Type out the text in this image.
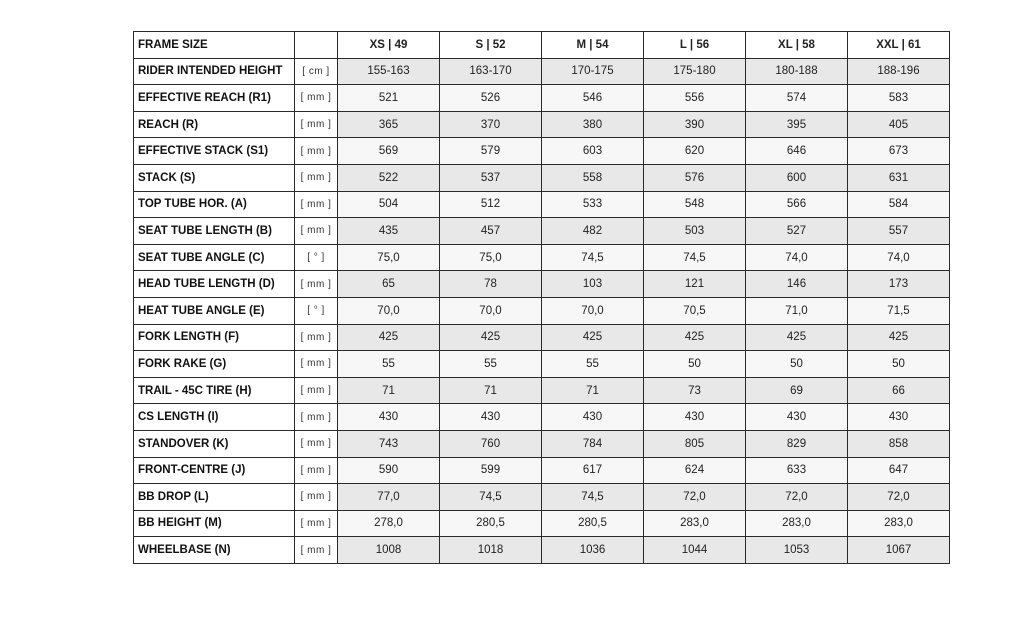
FRAME SIZE		XS | 49	S | 52	M | 54	L | 56	XL | 58	XXL | 61
RIDER INTENDED HEIGHT	[ cm ]	155-163	163-170	170-175	175-180	180-188	188-196
EFFECTIVE REACH (R1)	[ mm ]	521	526	546	556	574	583
REACH (R)	[ mm ]	365	370	380	390	395	405
EFFECTIVE STACK (S1)	[ mm ]	569	579	603	620	646	673
STACK (S)	[ mm ]	522	537	558	576	600	631
TOP TUBE HOR. (A)	[ mm ]	504	512	533	548	566	584
SEAT TUBE LENGTH (B)	[ mm ]	435	457	482	503	527	557
SEAT TUBE ANGLE (C)	[ ° ]	75,0	75,0	74,5	74,5	74,0	74,0
HEAD TUBE LENGTH (D)	[ mm ]	65	78	103	121	146	173
HEAT TUBE ANGLE (E)	[ ° ]	70,0	70,0	70,0	70,5	71,0	71,5
FORK LENGTH (F)	[ mm ]	425	425	425	425	425	425
FORK RAKE (G)	[ mm ]	55	55	55	50	50	50
TRAIL - 45C TIRE (H)	[ mm ]	71	71	71	73	69	66
CS LENGTH (I)	[ mm ]	430	430	430	430	430	430
STANDOVER (K)	[ mm ]	743	760	784	805	829	858
FRONT-CENTRE (J)	[ mm ]	590	599	617	624	633	647
BB DROP (L)	[ mm ]	77,0	74,5	74,5	72,0	72,0	72,0
BB HEIGHT (M)	[ mm ]	278,0	280,5	280,5	283,0	283,0	283,0
WHEELBASE (N)	[ mm ]	1008	1018	1036	1044	1053	1067
